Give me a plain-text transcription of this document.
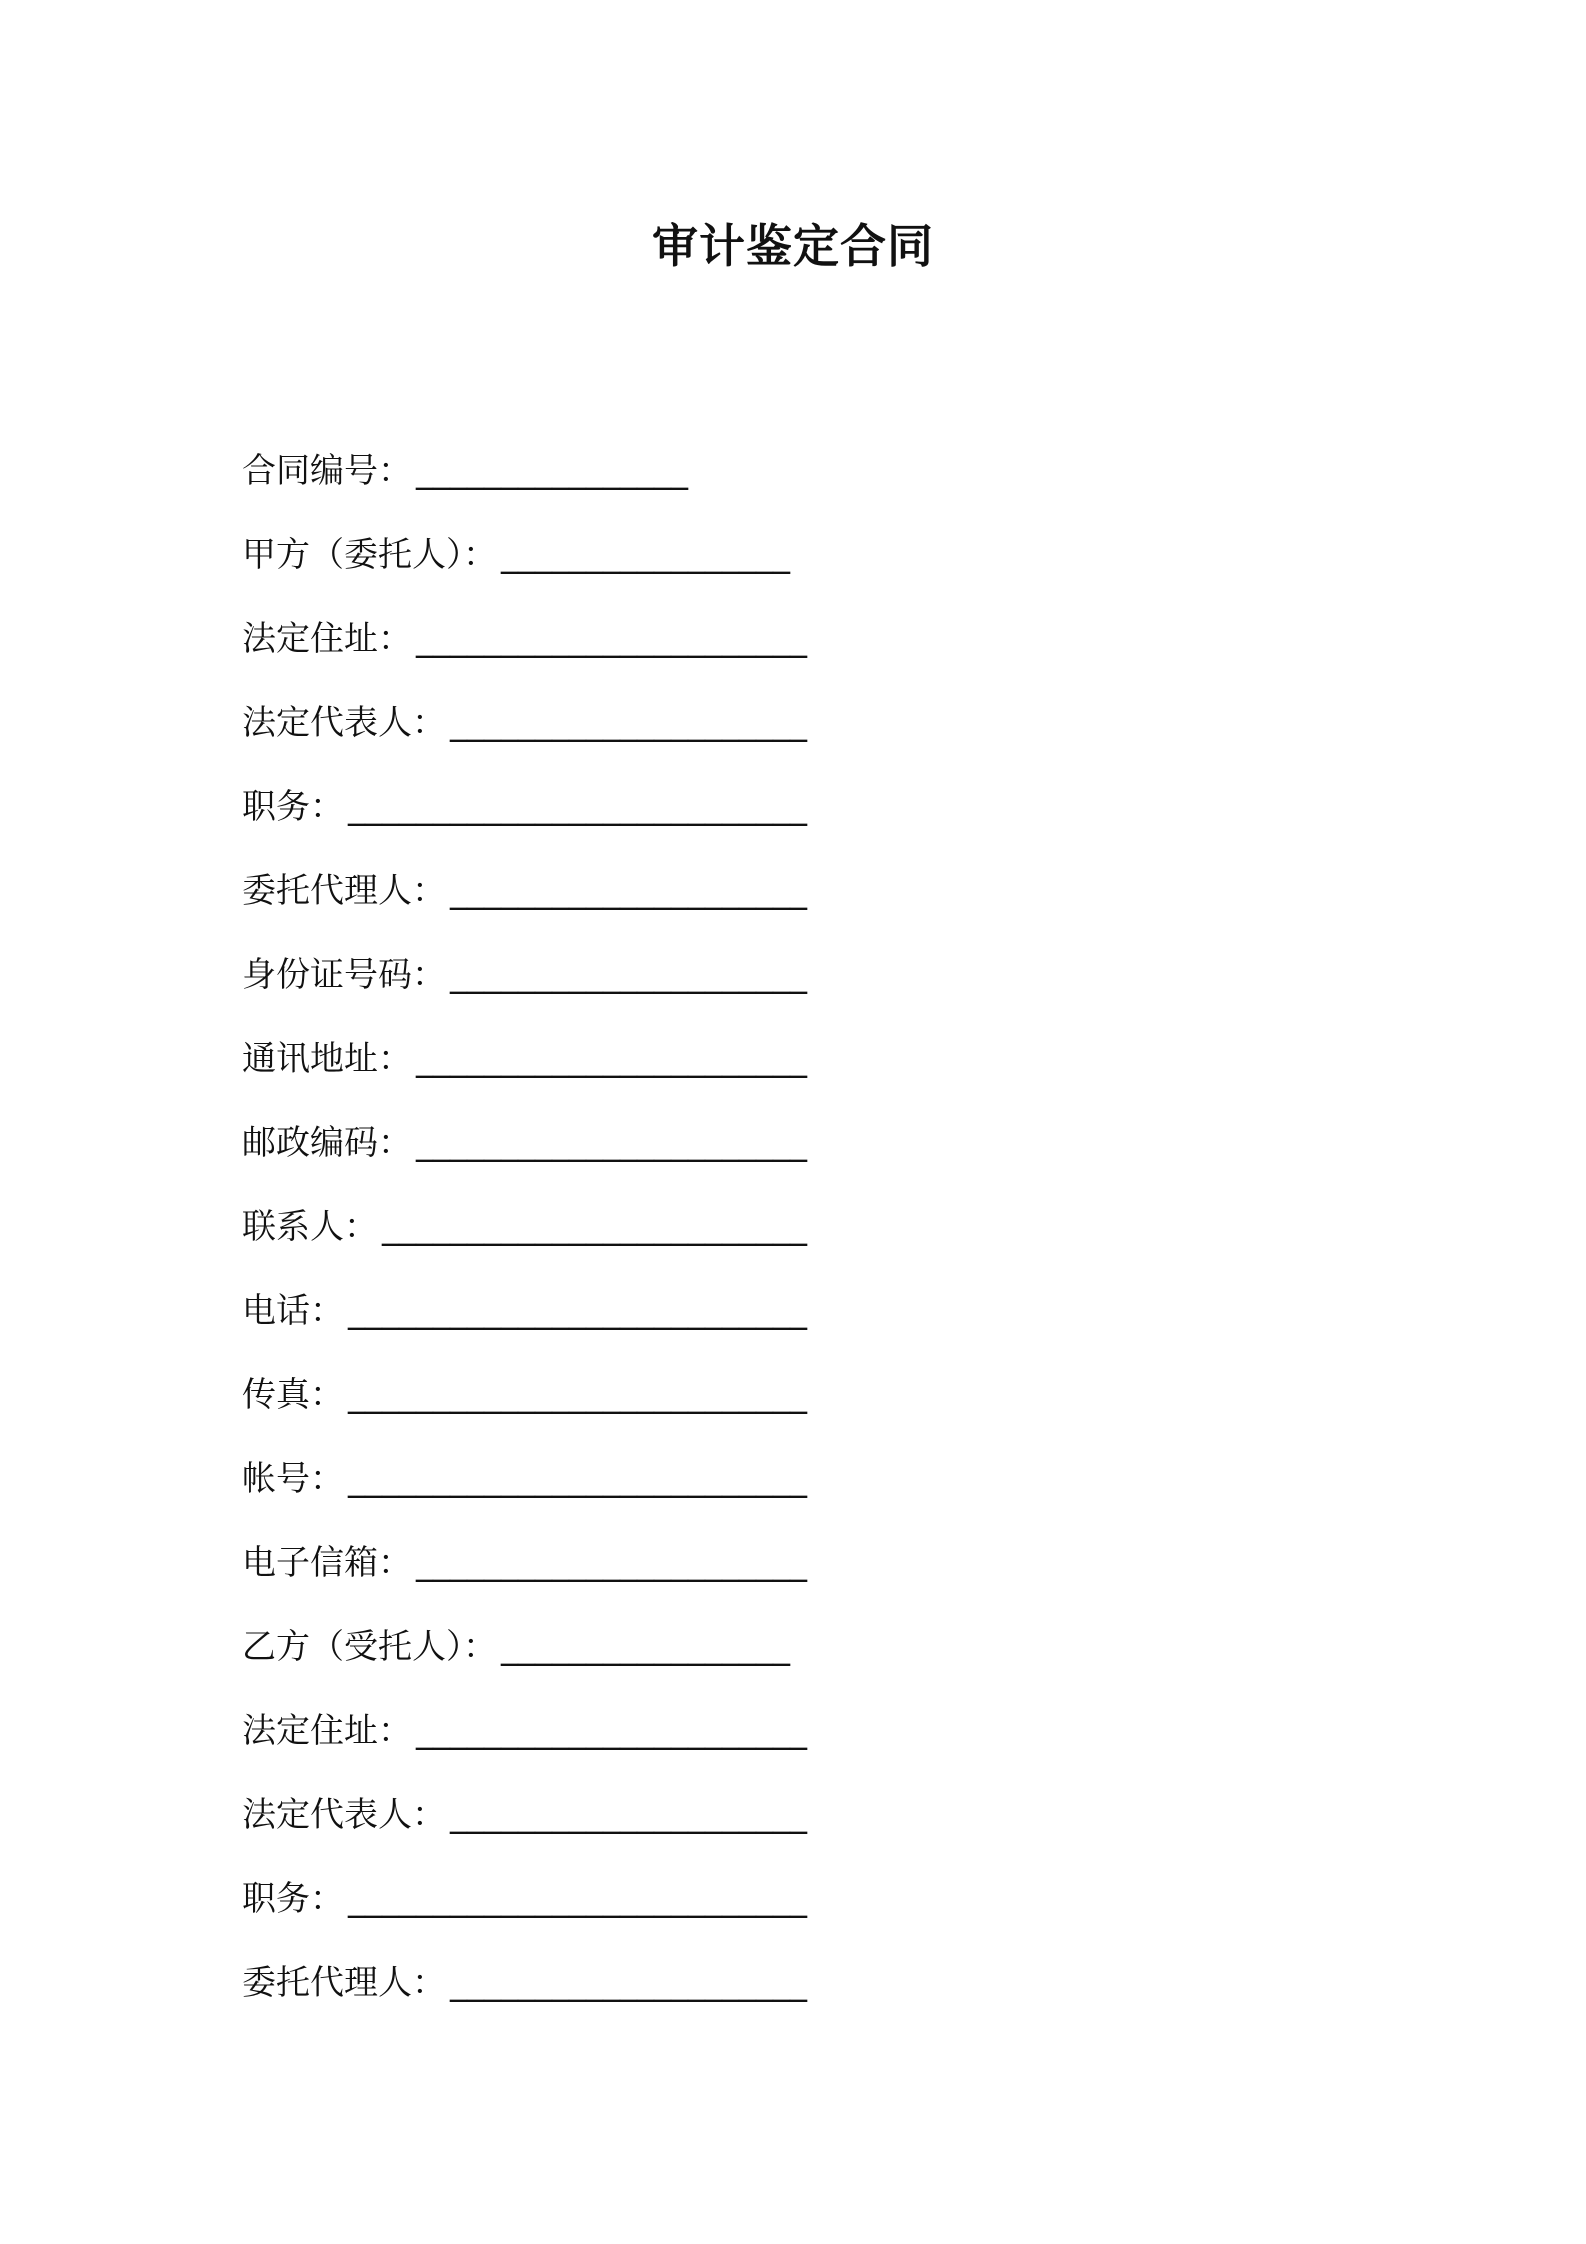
审计鉴定合同
合同编号： ________________
甲方（委托人）： _________________
法定住址： _______________________
法定代表人： _____________________
职务： ___________________________
委托代理人： _____________________
身份证号码： _____________________
通讯地址： _______________________
邮政编码： _______________________
联系人： _________________________
电话： ___________________________
传真： ___________________________
帐号： ___________________________
电子信箱： _______________________
乙方（受托人）： _________________
法定住址： _______________________
法定代表人： _____________________
职务： ___________________________
委托代理人： _____________________
